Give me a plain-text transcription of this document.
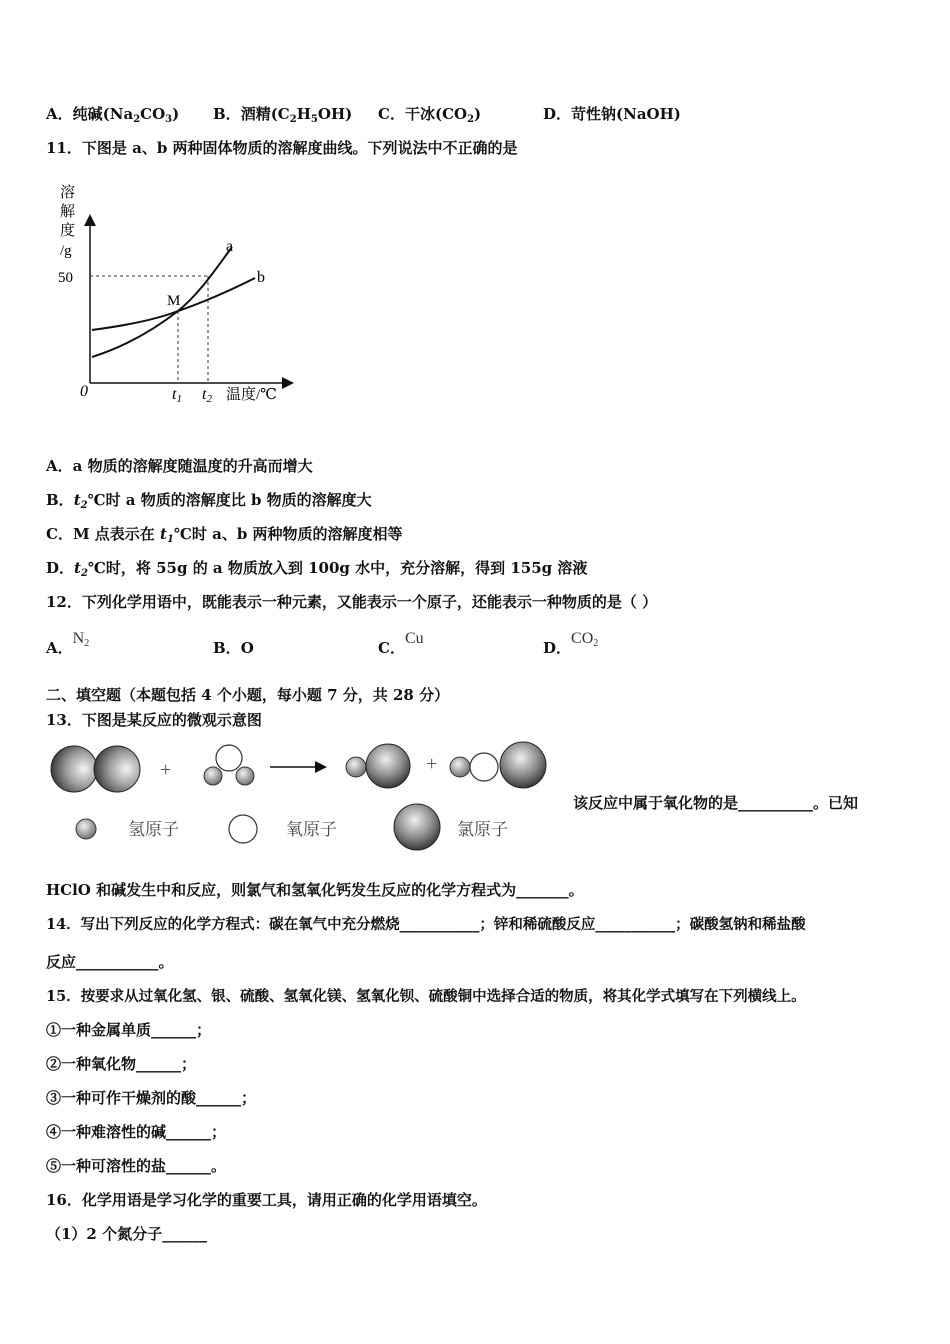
A．纯碱$(Na_2CO_3)$ B．酒精$(C_2H_5OH)$ C．干冰$(CO_2)$	D．苛性钠(NaOH)
11．下图是 a、b 两种固体物质的溶解度曲线。下列说法中不正确的是
溶
解
度
/g
50
a
b
M
0	t1 t2 温度/℃
A．a 物质的溶解度随温度的升高而增大
B．$t_2℃$时 a 物质的溶解度比 b 物质的溶解度大
C．M 点表示在 $t_1℃$时 a、b 两种物质的溶解度相等
D．$t_2℃$时，将 55g 的 a 物质放入到 100g 水中，充分溶解，得到 155g 溶液
12．下列化学用语中，既能表示一种元素，又能表示一个原子，还能表示一种物质的是（ ）
A．$N_2$	B．O	C．Cu
D．$CO_2$
二、填空题（本题包括 4 个小题，每小题 7 分，共 28 分）
13．下图是某反应的微观示意图
+	+
氢原子	氧原子	氯原子
该反应中属于氧化物的是__________。已知
HClO 和碱发生中和反应，则氯气和氢氧化钙发生反应的化学方程式为_______。
14．写出下列反应的化学方程式：碳在氧气中充分燃烧___________；锌和稀硫酸反应___________；碳酸氢钠和稀盐酸
反应___________。
15．按要求从过氧化氢、银、硫酸、氢氧化镁、氢氧化钡、硫酸铜中选择合适的物质，将其化学式填写在下列横线上。
①一种金属单质______；
②一种氧化物______；
③一种可作干燥剂的酸______；
④一种难溶性的碱______；
⑤一种可溶性的盐______。
16．化学用语是学习化学的重要工具，请用正确的化学用语填空。
（1）2 个氮分子______
